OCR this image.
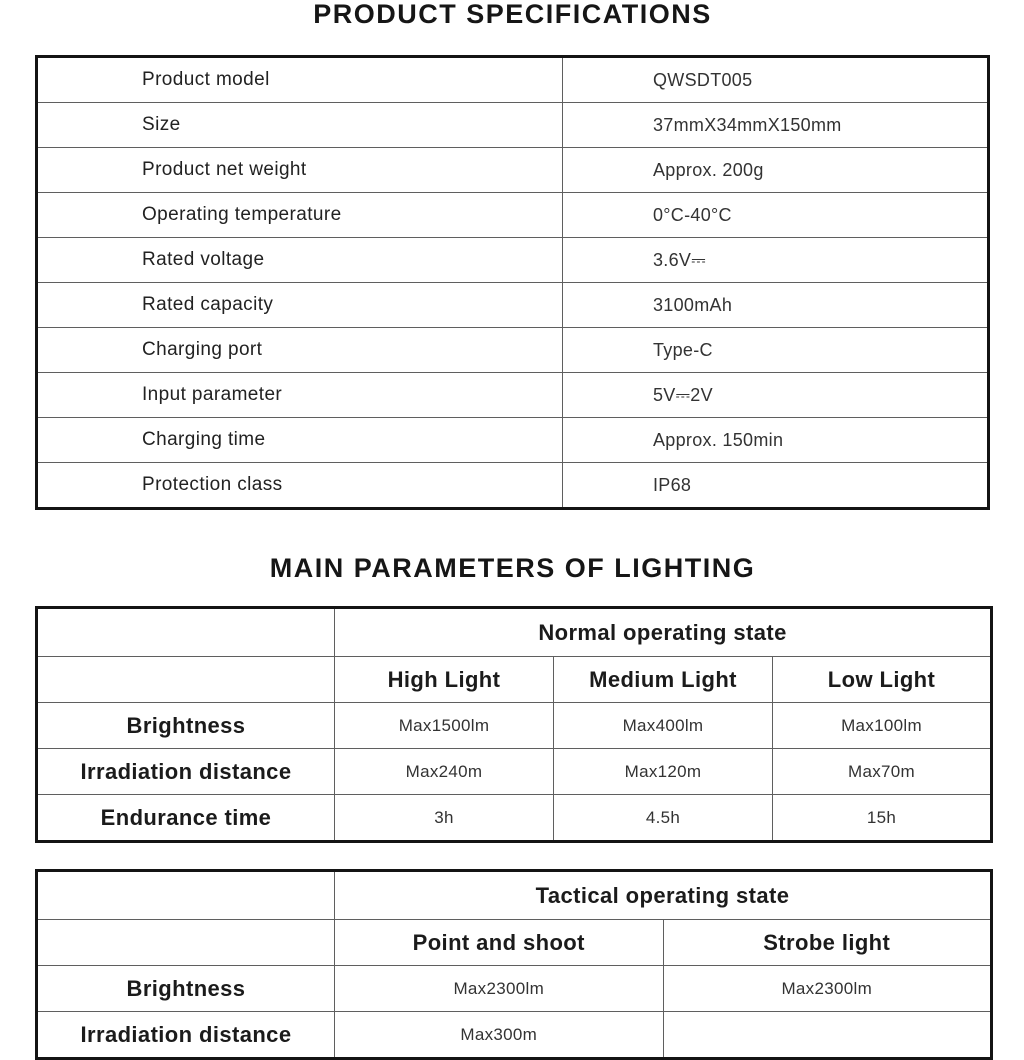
PRODUCT SPECIFICATIONS
Product model	QWSDT005
Size	37mmX34mmX150mm
Product net weight	Approx. 200g
Operating temperature	0°C-40°C
Rated voltage	3.6V⎓
Rated capacity	3100mAh
Charging port	Type-C
Input parameter	5V⎓2V
Charging time	Approx. 150min
Protection class	IP68
MAIN PARAMETERS OF LIGHTING
	Normal operating state		
	High Light	Medium Light	Low Light
Brightness	Max1500lm	Max400lm	Max100lm
Irradiation distance	Max240m	Max120m	Max70m
Endurance time	3h	4.5h	15h
	Tactical operating state	
	Point and shoot	Strobe light
Brightness	Max2300lm	Max2300lm
Irradiation distance	Max300m	
